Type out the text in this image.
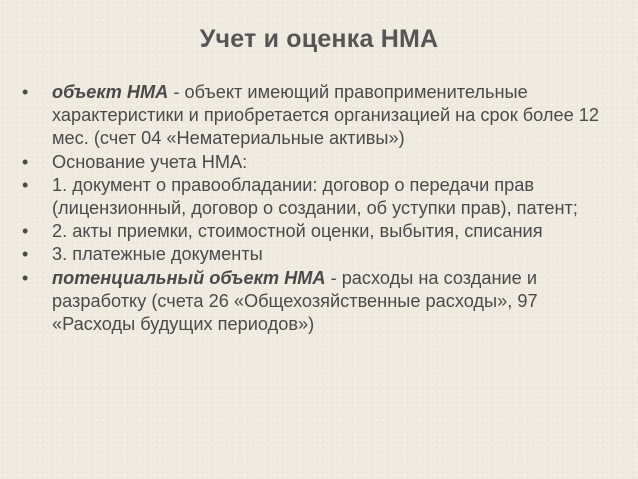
Учет и оценка НМА
• объект НМА - объект имеющий правоприменительные характеристики и приобретается организацией на срок более 12 мес. (счет 04 «Нематериальные активы»)
• Основание учета НМА:
• 1. документ о правообладании: договор о передачи прав (лицензионный, договор о создании, об уступки прав), патент;
• 2. акты приемки, стоимостной оценки, выбытия, списания
• 3. платежные документы
• потенциальный объект НМА - расходы на создание и разработку (счета 26 «Общехозяйственные расходы», 97 «Расходы будущих периодов»)
